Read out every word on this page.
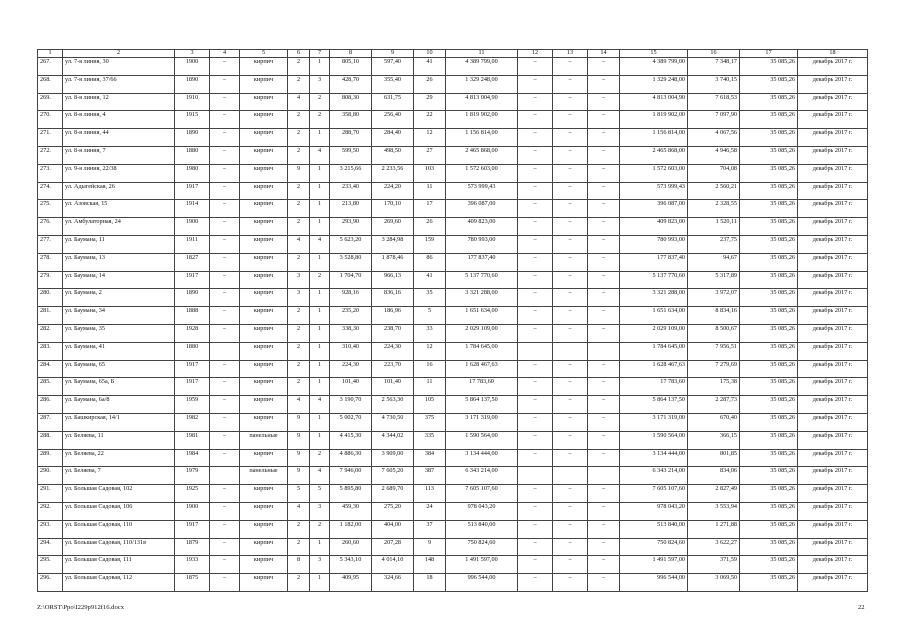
1	2	3	4	5	6	7	8	9	10	11	12	13	14	15	16	17	18
267.	ул. 7-я линия, 30	1900	–	кирпич	2	1	805,10	597,40	41	4 389 799,00	–	–	–	4 389 799,00	7 348,17	35 085,26	декабрь 2017 г.
268.	ул. 7-я линия, 37/66	1890	–	кирпич	2	3	428,70	355,40	26	1 329 248,00	–	–	–	1 329 248,00	3 740,15	35 085,26	декабрь 2017 г.
269.	ул. 8-я линия, 12	1910	–	кирпич	4	2	808,30	631,75	29	4 813 004,90	–	–	–	4 813 004,90	7 618,53	35 085,26	декабрь 2017 г.
270.	ул. 8-я линия, 4	1915	–	кирпич	2	2	358,80	256,40	22	1 819 902,00	–	–	–	1 819 902,00	7 097,90	35 085,26	декабрь 2017 г.
271.	ул. 8-я линия, 44	1890	–	кирпич	2	1	288,70	284,40	12	1 156 814,00	–	–	–	1 156 814,00	4 067,56	35 085,26	декабрь 2017 г.
272.	ул. 8-я линия, 7	1880	–	кирпич	2	4	599,50	498,50	27	2 465 868,00	–	–	–	2 465 868,00	4 946,58	35 085,26	декабрь 2017 г.
273.	ул. 9-я линия, 22/38	1980	–	кирпич	9	1	3 215,66	2 233,56	103	1 572 603,00	–	–	–	1 572 603,00	704,08	35 085,26	декабрь 2017 г.
274.	ул. Адыгейская, 26	1917	–	кирпич	2	1	233,40	224,20	11	573 999,43	–	–	–	573 999,43	2 560,21	35 085,26	декабрь 2017 г.
275.	ул. Азовская, 15	1914	–	кирпич	2	1	213,80	170,10	17	396 087,00	–	–	–	396 087,00	2 328,55	35 085,26	декабрь 2017 г.
276.	ул. Амбулаторная, 24	1900	–	кирпич	2	1	293,90	269,60	26	409 823,00	–	–	–	409 823,00	1 520,11	35 085,26	декабрь 2017 г.
277.	ул. Баумана, 11	1911	–	кирпич	4	4	5 623,20	3 284,98	159	780 993,00	–	–	–	780 993,00	237,75	35 085,26	декабрь 2017 г.
278.	ул. Баумана, 13	1827	–	кирпич	2	1	3 528,80	1 878,46	86	177 837,40	–	–	–	177 837,40	94,67	35 085,26	декабрь 2017 г.
279.	ул. Баумана, 14	1917	–	кирпич	3	2	1 704,70	966,13	41	5 137 770,60	–	–	–	5 137 770,60	5 317,89	35 085,26	декабрь 2017 г.
280.	ул. Баумана, 2	1890	–	кирпич	3	1	928,16	836,16	35	3 321 288,00	–	–	–	3 321 288,00	3 972,07	35 085,26	декабрь 2017 г.
281.	ул. Баумана, 34	1888	–	кирпич	2	1	235,20	186,96	5	1 651 634,00	–	–	–	1 651 634,00	8 834,16	35 085,26	декабрь 2017 г.
282.	ул. Баумана, 35	1928	–	кирпич	2	1	338,30	238,70	33	2 029 109,00	–	–	–	2 029 109,00	8 500,67	35 085,26	декабрь 2017 г.
283.	ул. Баумана, 41	1880		кирпич	2	1	310,40	224,30	12	1 784 645,00				1 784 645,00	7 956,51	35 085,26	декабрь 2017 г.
284.	ул. Баумана, 65	1917	–	кирпич	2	1	224,30	223,70	16	1 628 467,63	–	–	–	1 628 467,63	7 279,69	35 085,26	декабрь 2017 г.
285.	ул. Баумана, 65а, Б	1917	–	кирпич	2	1	101,40	101,40	11	17 783,60	–	–	–	17 783,60	175,38	35 085,26	декабрь 2017 г.
286.	ул. Баумана, 6а/8	1959	–	кирпич	4	4	3 190,70	2 563,30	105	5 864 137,50	–	–	–	5 864 137,50	2 287,73	35 085,26	декабрь 2017 г.
287.	ул. Башкирская, 14/1	1982	–	кирпич	9	1	5 002,70	4 730,50	375	3 171 319,00	–	–	–	3 171 319,00	670,40	35 085,26	декабрь 2017 г.
288.	ул. Беляева, 11	1981	–	панельные	9	1	4 415,30	4 344,02	335	1 590 564,00	–	–	–	1 590 564,00	366,15	35 085,26	декабрь 2017 г.
289.	ул. Беляева, 22	1984	–	кирпич	9	2	4 886,30	3 909,00	384	3 134 444,00	–	–	–	3 134 444,00	801,85	35 085,26	декабрь 2017 г.
290.	ул. Беляева, 7	1979		панельные	9	4	7 946,00	7 605,20	387	6 343 214,00				6 343 214,00	834,06	35 085,26	декабрь 2017 г.
291.	ул. Большая Садовая, 102	1925	–	кирпич	5	5	5 895,80	2 689,70	113	7 605 107,60	–	–	–	7 605 107,60	2 827,49	35 085,26	декабрь 2017 г.
292.	ул. Большая Садовая, 106	1900	–	кирпич	4	3	459,30	275,20	24	978 043,20	–	–	–	978 043,20	3 553,94	35 085,26	декабрь 2017 г.
293.	ул. Большая Садовая, 110	1917	–	кирпич	2	2	1 182,00	404,00	37	513 840,00	–	–	–	513 840,00	1 271,88	35 085,26	декабрь 2017 г.
294.	ул. Большая Садовая, 110/131в	1879	–	кирпич	2	1	260,60	207,28	9	750 824,60	–	–	–	750 824,60	3 622,27	35 085,26	декабрь 2017 г.
295.	ул. Большая Садовая, 111	1933	–	кирпич	8	3	5 343,10	4 014,10	148	1 491 597,00	–	–	–	1 491 597,00	371,59	35 085,26	декабрь 2017 г.
296.	ул. Большая Садовая, 112	1875	–	кирпич	2	1	409,95	324,66	18	996 544,00	–	–	–	996 544,00	3 069,50	35 085,26	декабрь 2017 г.
Z:\ORST\Ppo\I229p912f16.docx	22
